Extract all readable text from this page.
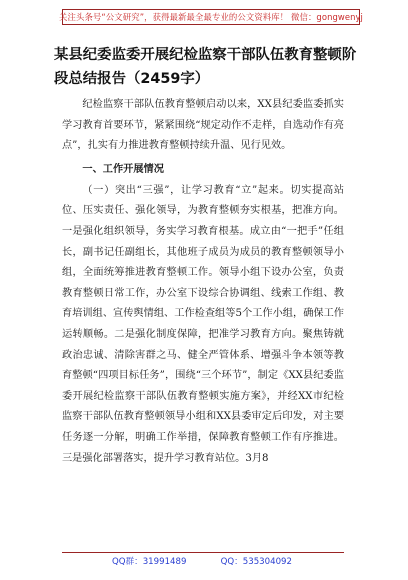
关注头条号“公文研究”，获得最新最全最专业的公文资料库！ 微信：gongwenyj
某县纪委监委开展纪检监察干部队伍教育整顿阶段总结报告（2459字）

纪检监察干部队伍教育整顿启动以来，XX县纪委监委抓实学习教育首要环节，紧紧围绕“规定动作不走样，自选动作有亮点”，扎实有力推进教育整顿持续升温、见行见效。

一、工作开展情况

（一）突出“三强”，让学习教育“立”起来。切实提高站位、压实责任、强化领导，为教育整顿夯实根基，把准方向。一是强化组织领导，务实学习教育根基。成立由“一把手”任组长，副书记任副组长，其他班子成员为成员的教育整顿领导小组，全面统筹推进教育整顿工作。领导小组下设办公室，负责教育整顿日常工作，办公室下设综合协调组、线索工作组、教育培训组、宣传舆情组、工作检查组等5个工作小组，确保工作运转顺畅。二是强化制度保障，把准学习教育方向。聚焦铸就政治忠诚、清除害群之马、健全严管体系、增强斗争本领等教育整顿“四项目标任务”，围绕“三个环节”，制定《XX县纪委监委开展纪检监察干部队伍教育整顿实施方案》，并经XX市纪检监察干部队伍教育整顿领导小组和XX县委审定后印发，对主要任务逐一分解，明确工作举措，保障教育整顿工作有序推进。三是强化部署落实，提升学习教育站位。3月8

QQ群：31991489	QQ：535304092
